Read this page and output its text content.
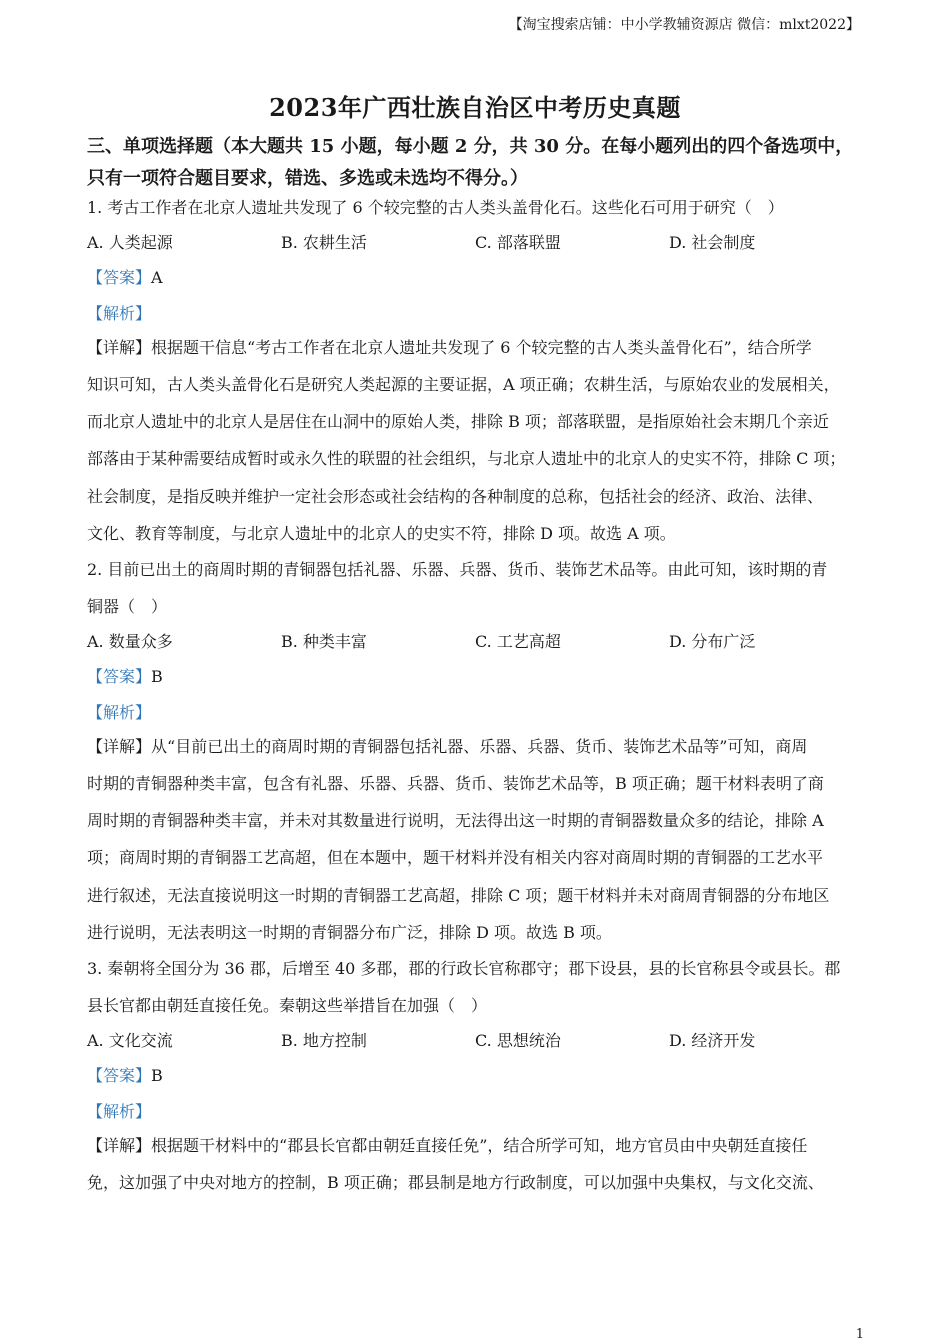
【淘宝搜索店铺：中小学教辅资源店 微信：mlxt2022】
2023年广西壮族自治区中考历史真题
三、单项选择题（本大题共 15 小题，每小题 2 分，共 30 分。在每小题列出的四个备选项中，
只有一项符合题目要求，错选、多选或未选均不得分。）
1. 考古工作者在北京人遗址共发现了 6 个较完整的古人类头盖骨化石。这些化石可用于研究（　）
A. 人类起源	B. 农耕生活	C. 部落联盟	D. 社会制度
【答案】A
【解析】
【详解】根据题干信息“考古工作者在北京人遗址共发现了 6 个较完整的古人类头盖骨化石”，结合所学
知识可知，古人类头盖骨化石是研究人类起源的主要证据，A 项正确；农耕生活，与原始农业的发展相关，
而北京人遗址中的北京人是居住在山洞中的原始人类，排除 B 项；部落联盟，是指原始社会末期几个亲近
部落由于某种需要结成暂时或永久性的联盟的社会组织，与北京人遗址中的北京人的史实不符，排除 C 项；
社会制度，是指反映并维护一定社会形态或社会结构的各种制度的总称，包括社会的经济、政治、法律、
文化、教育等制度，与北京人遗址中的北京人的史实不符，排除 D 项。故选 A 项。
2. 目前已出土的商周时期的青铜器包括礼器、乐器、兵器、货币、装饰艺术品等。由此可知，该时期的青
铜器（　）
A. 数量众多	B. 种类丰富	C. 工艺高超	D. 分布广泛
【答案】B
【解析】
【详解】从“目前已出土的商周时期的青铜器包括礼器、乐器、兵器、货币、装饰艺术品等”可知，商周
时期的青铜器种类丰富，包含有礼器、乐器、兵器、货币、装饰艺术品等，B 项正确；题干材料表明了商
周时期的青铜器种类丰富，并未对其数量进行说明，无法得出这一时期的青铜器数量众多的结论，排除 A
项；商周时期的青铜器工艺高超，但在本题中，题干材料并没有相关内容对商周时期的青铜器的工艺水平
进行叙述，无法直接说明这一时期的青铜器工艺高超，排除 C 项；题干材料并未对商周青铜器的分布地区
进行说明，无法表明这一时期的青铜器分布广泛，排除 D 项。故选 B 项。
3. 秦朝将全国分为 36 郡，后增至 40 多郡，郡的行政长官称郡守；郡下设县，县的长官称县令或县长。郡
县长官都由朝廷直接任免。秦朝这些举措旨在加强（　）
A. 文化交流	B. 地方控制	C. 思想统治	D. 经济开发
【答案】B
【解析】
【详解】根据题干材料中的“郡县长官都由朝廷直接任免”，结合所学可知，地方官员由中央朝廷直接任
免，这加强了中央对地方的控制，B 项正确；郡县制是地方行政制度，可以加强中央集权，与文化交流、
1
